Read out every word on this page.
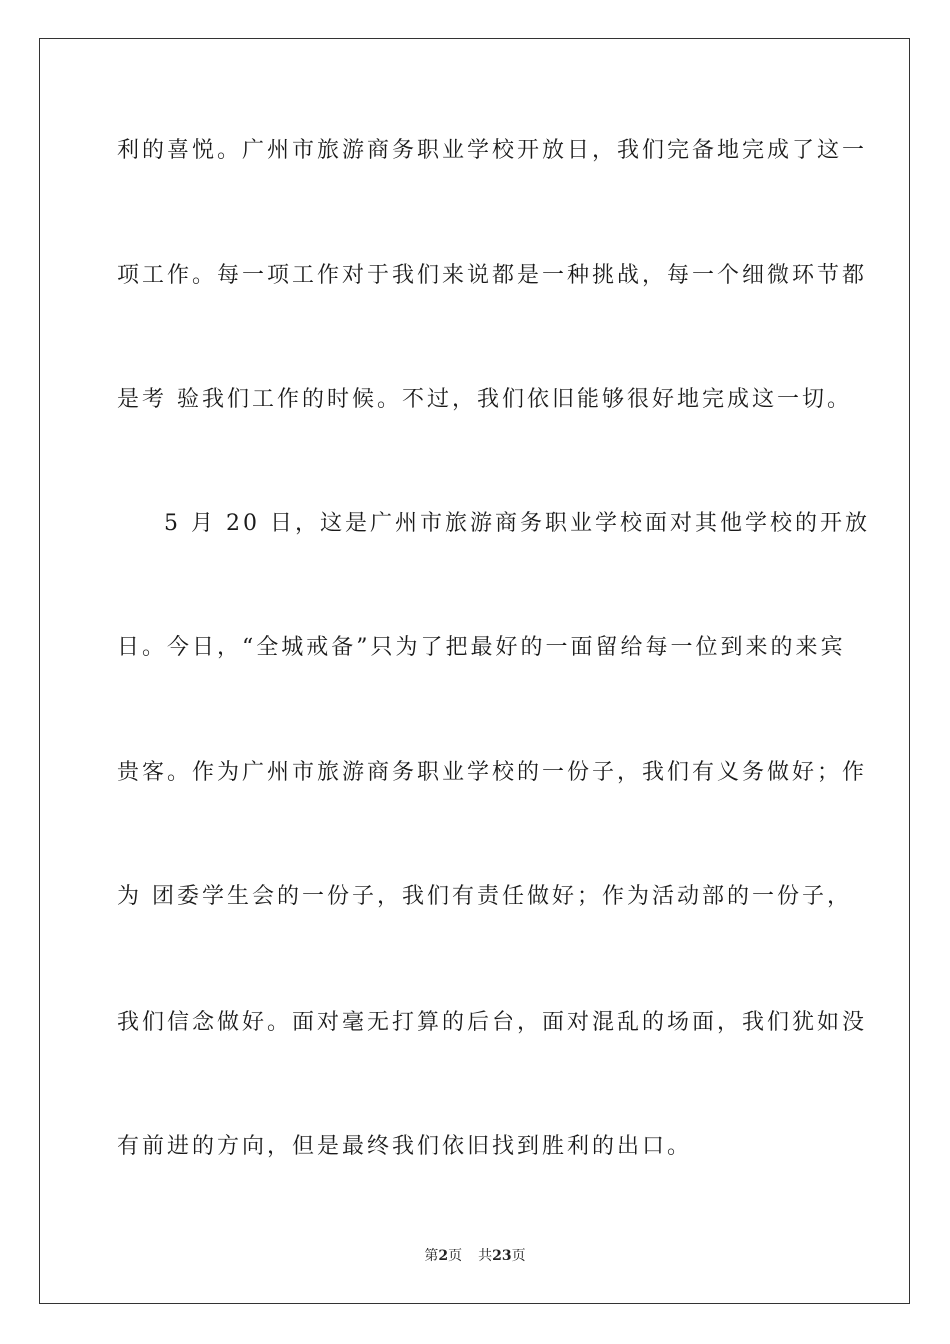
利的喜悦。广州市旅游商务职业学校开放日，我们完备地完成了这一
项工作。每一项工作对于我们来说都是一种挑战，每一个细微环节都
是考 验我们工作的时候。不过，我们依旧能够很好地完成这一切。
5 月 20 日，这是广州市旅游商务职业学校面对其他学校的开放
日。今日，“全城戒备”只为了把最好的一面留给每一位到来的来宾
贵客。作为广州市旅游商务职业学校的一份子，我们有义务做好；作
为 团委学生会的一份子，我们有责任做好；作为活动部的一份子，
我们信念做好。面对毫无打算的后台，面对混乱的场面，我们犹如没
有前进的方向，但是最终我们依旧找到胜利的出口。
第2页 共23页
